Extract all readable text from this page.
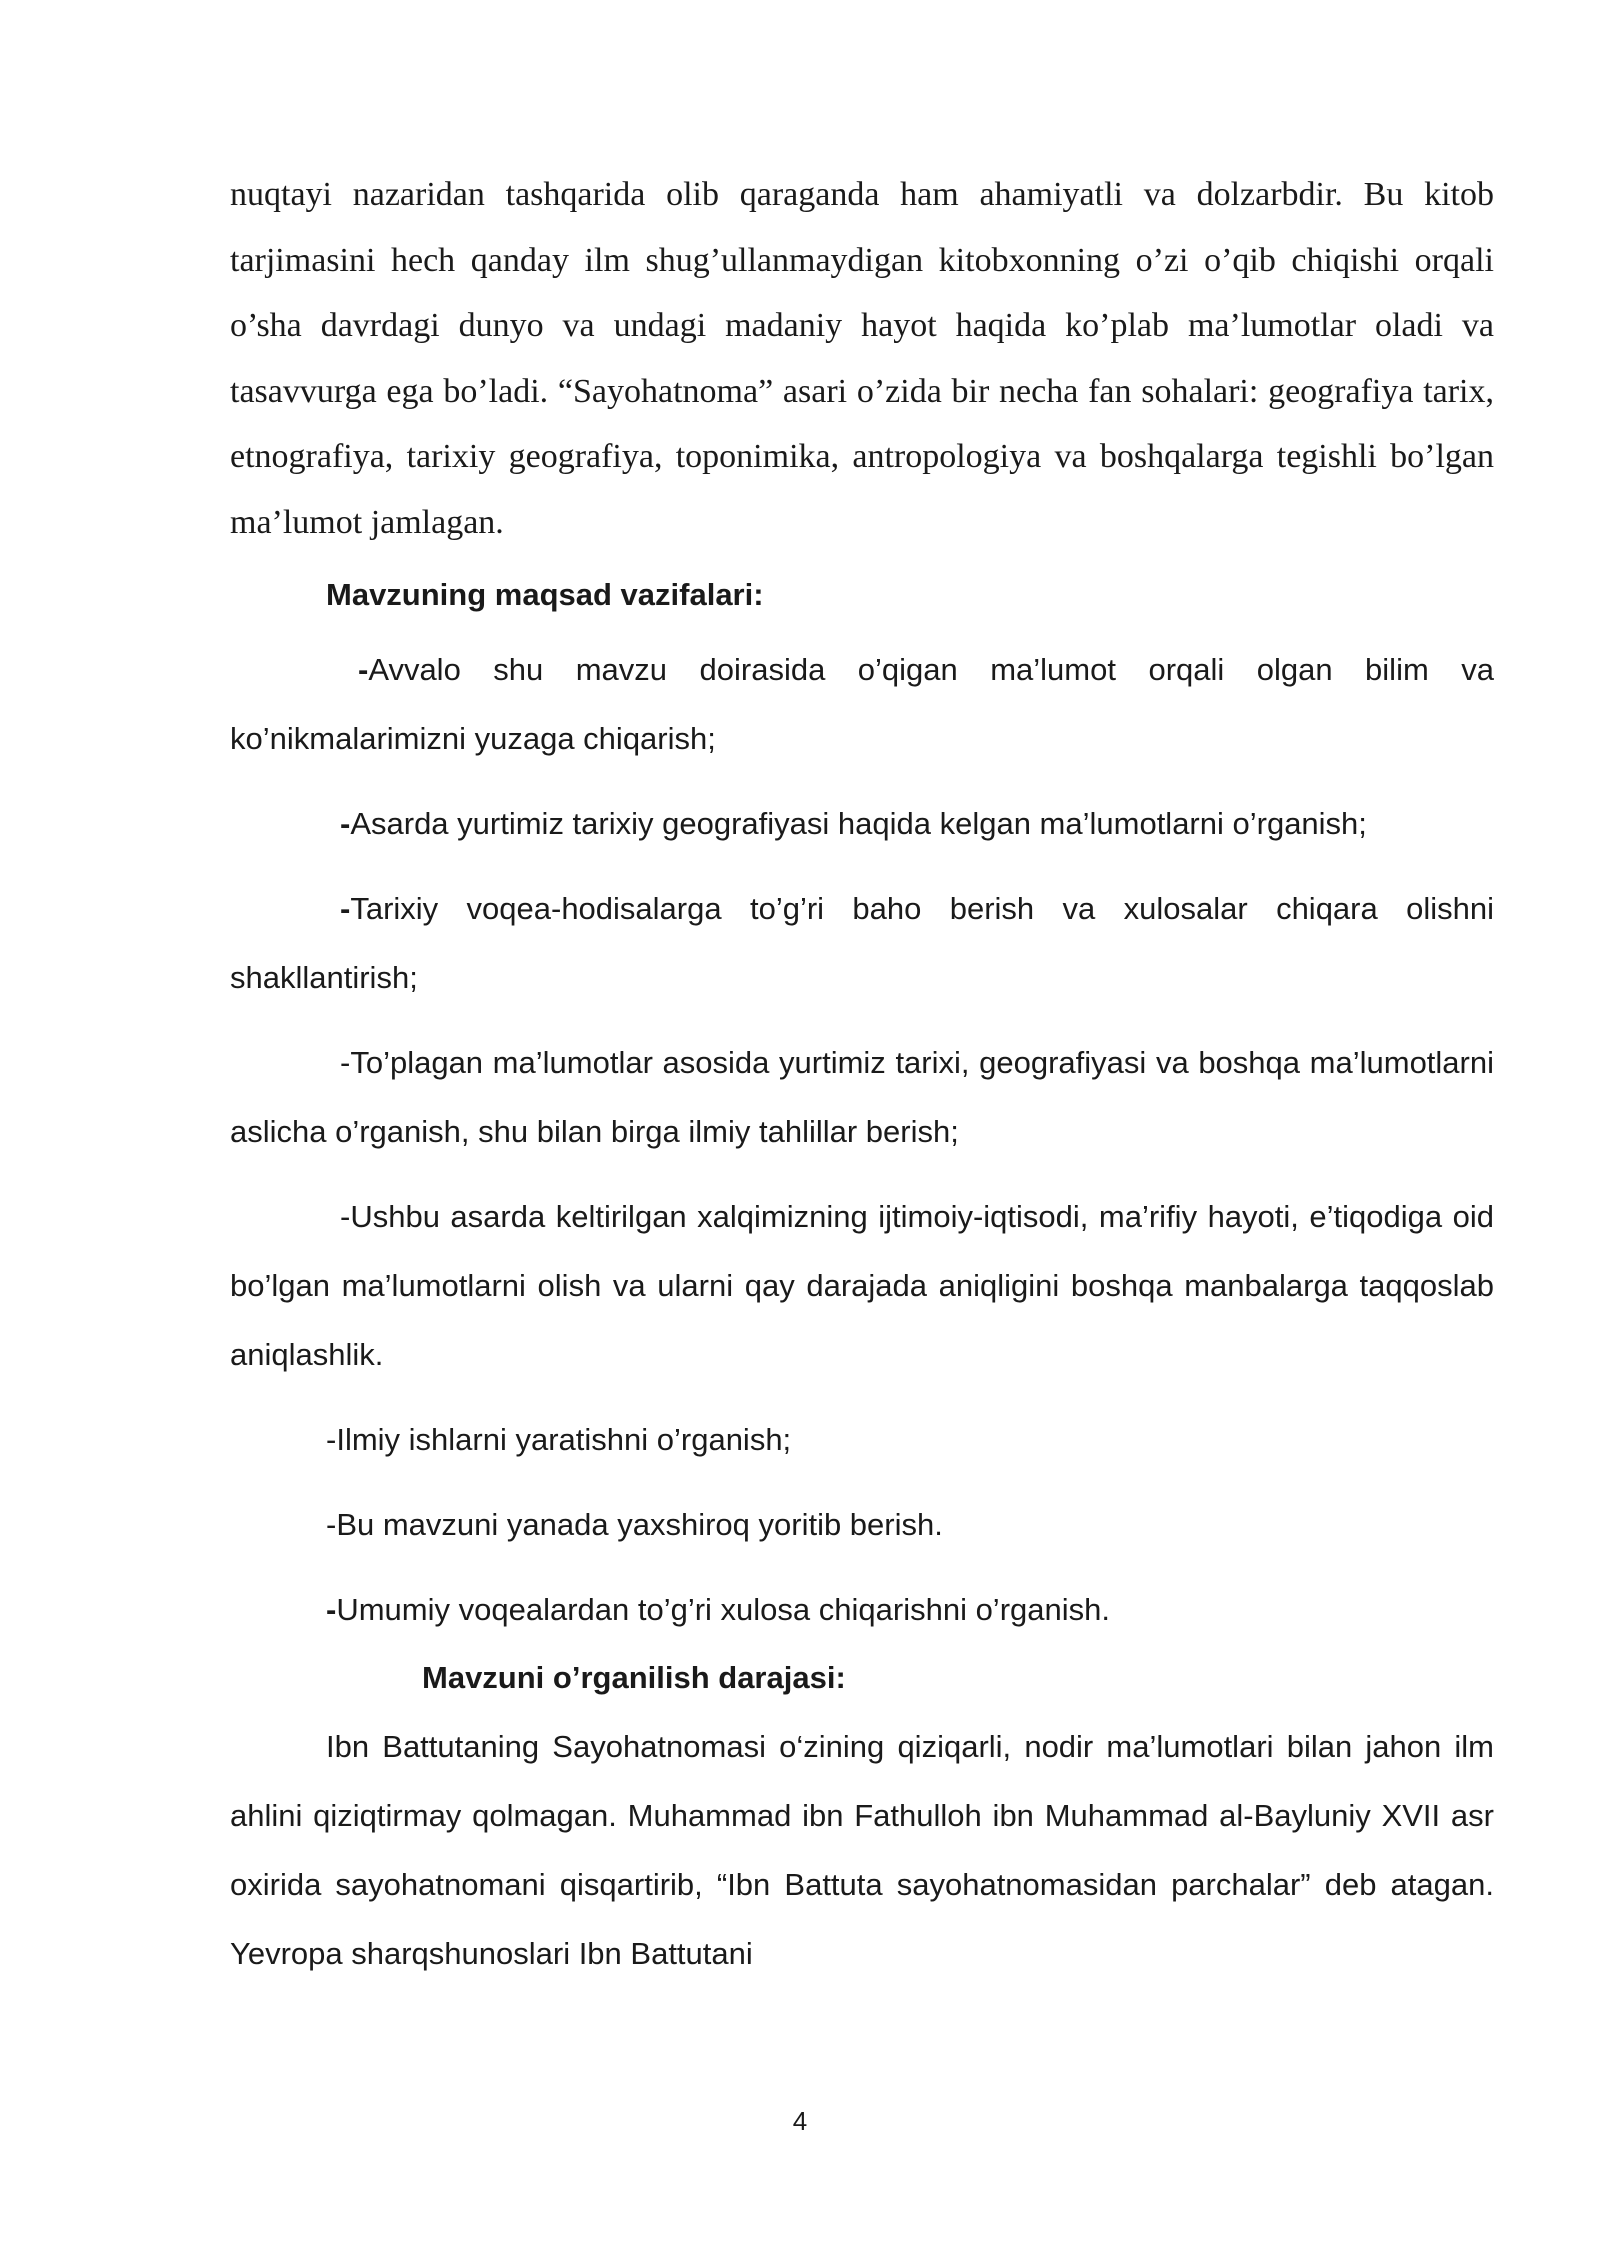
nuqtayi nazaridan tashqarida olib qaraganda ham ahamiyatli va dolzarbdir. Bu kitob tarjimasini hech qanday ilm shug’ullanmaydigan kitobxonning o’zi o’qib chiqishi orqali o’sha davrdagi dunyo va undagi madaniy hayot haqida ko’plab ma’lumotlar oladi va tasavvurga ega bo’ladi. “Sayohatnoma” asari o’zida bir necha fan sohalari: geografiya tarix, etnografiya, tarixiy geografiya, toponimika, antropologiya va boshqalarga tegishli bo’lgan ma’lumot jamlagan.

Mavzuning maqsad vazifalari:

-Avvalo shu mavzu doirasida o’qigan ma’lumot orqali olgan bilim va ko’nikmalarimizni yuzaga chiqarish;

-Asarda yurtimiz tarixiy geografiyasi haqida kelgan ma’lumotlarni o’rganish;

-Tarixiy voqea-hodisalarga to’g’ri baho berish va xulosalar chiqara olishni shakllantirish;

-To’plagan ma’lumotlar asosida yurtimiz tarixi, geografiyasi va boshqa ma’lumotlarni aslicha o’rganish, shu bilan birga ilmiy tahlillar berish;

-Ushbu asarda keltirilgan xalqimizning ijtimoiy-iqtisodi, ma’rifiy hayoti, e’tiqodiga oid bo’lgan ma’lumotlarni olish va ularni qay darajada aniqligini boshqa manbalarga taqqoslab aniqlashlik.

-Ilmiy ishlarni yaratishni o’rganish;

-Bu mavzuni yanada yaxshiroq yoritib berish.

-Umumiy voqealardan to’g’ri xulosa chiqarishni o’rganish.

Mavzuni o’rganilish darajasi:

Ibn Battutaning Sayohatnomasi o‘zining qiziqarli, nodir ma’lumotlari bilan jahon ilm ahlini qiziqtirmay qolmagan. Muhammad ibn Fathulloh ibn Muhammad al-Bayluniy XVII asr oxirida sayohatnomani qisqartirib, “Ibn Battuta sayohatnomasidan parchalar” deb atagan. Yevropa sharqshunoslari Ibn Battutani

4
